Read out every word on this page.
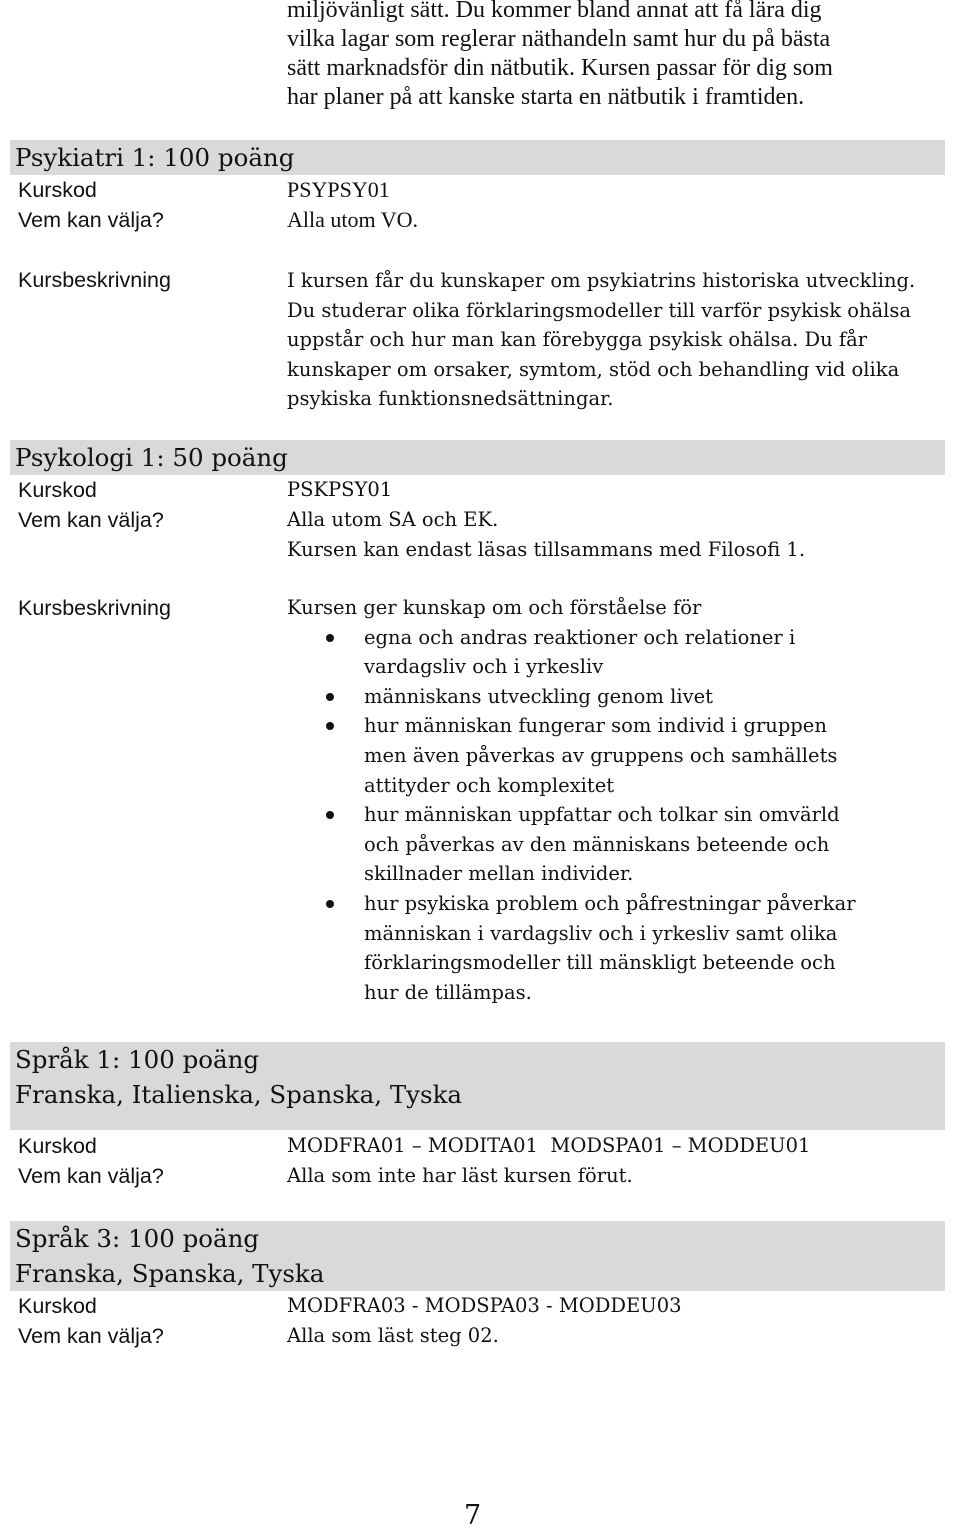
miljövänligt sätt. Du kommer bland annat att få lära dig

vilka lagar som reglerar näthandeln samt hur du på bästa

sätt marknadsför din nätbutik. Kursen passar för dig som

har planer på att kanske starta en nätbutik i framtiden.

Psykiatri 1: 100 poäng
Kurskod	PSYPSY01
Vem kan välja?	Alla utom VO.
Kursbeskrivning	I kursen får du kunskaper om psykiatrins historiska utveckling. Du studerar olika förklaringsmodeller till varför psykisk ohälsa uppstår och hur man kan förebygga psykisk ohälsa. Du får kunskaper om orsaker, symtom, stöd och behandling vid olika psykiska funktionsnedsättningar.

Psykologi 1: 50 poäng
Kurskod	PSKPSY01
Vem kan välja?	Alla utom SA och EK.

Kursen kan endast läsas tillsammans med Filosofi 1.

Kursbeskrivning	Kursen ger kunskap om och förståelse för

egna och andras reaktioner och relationer i vardagsliv och i yrkesliv
människans utveckling genom livet
hur människan fungerar som individ i gruppen men även påverkas av gruppens och samhällets attityder och komplexitet
hur människan uppfattar och tolkar sin omvärld och påverkas av den människans beteende och skillnader mellan individer.
hur psykiska problem och påfrestningar påverkar människan i vardagsliv och i yrkesliv samt olika förklaringsmodeller till mänskligt beteende och hur de tillämpas.
Språk 1: 100 poäng
Franska, Italienska, Spanska, Tyska
Kurskod	MODFRA01 – MODITA01  MODSPA01 – MODDEU01
Vem kan välja?	Alla som inte har läst kursen förut.
Språk 3: 100 poäng
Franska, Spanska, Tyska
Kurskod	MODFRA03 - MODSPA03 - MODDEU03
Vem kan välja?	Alla som läst steg 02.
7
